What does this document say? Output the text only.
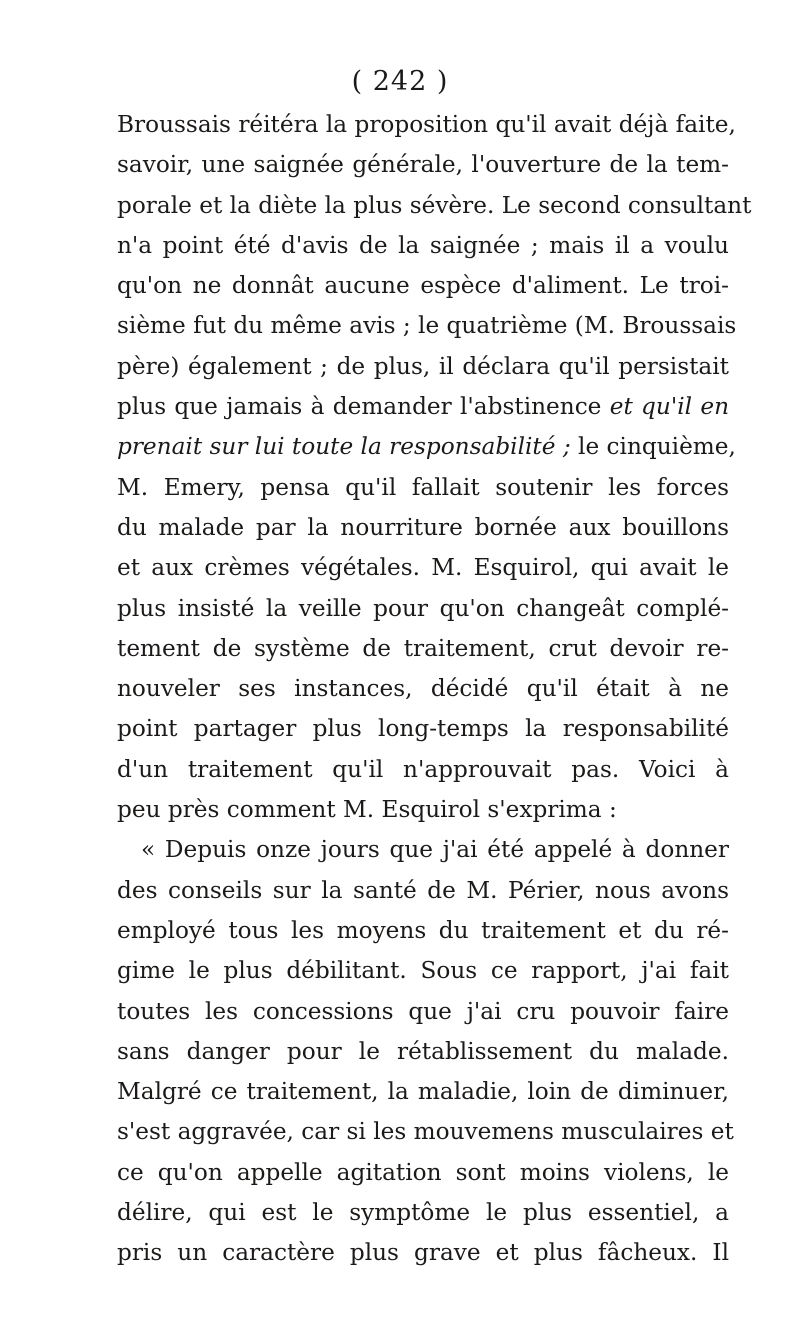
( 242 )
Broussais réitéra la proposition qu'il avait déjà faite,
savoir, une saignée générale, l'ouverture de la tem-
porale et la diète la plus sévère. Le second consultant
n'a point été d'avis de la saignée ; mais il a voulu
qu'on ne donnât aucune espèce d'aliment. Le troi-
sième fut du même avis ; le quatrième (M. Broussais
père) également ; de plus, il déclara qu'il persistait
plus que jamais à demander l'abstinence et qu'il en
prenait sur lui toute la responsabilité ; le cinquième,
M. Emery, pensa qu'il fallait soutenir les forces
du malade par la nourriture bornée aux bouillons
et aux crèmes végétales. M. Esquirol, qui avait le
plus insisté la veille pour qu'on changeât complé-
tement de système de traitement, crut devoir re-
nouveler ses instances, décidé qu'il était à ne
point partager plus long-temps la responsabilité
d'un traitement qu'il n'approuvait pas. Voici à
peu près comment M. Esquirol s'exprima :
« Depuis onze jours que j'ai été appelé à donner
des conseils sur la santé de M. Périer, nous avons
employé tous les moyens du traitement et du ré-
gime le plus débilitant. Sous ce rapport, j'ai fait
toutes les concessions que j'ai cru pouvoir faire
sans danger pour le rétablissement du malade.
Malgré ce traitement, la maladie, loin de diminuer,
s'est aggravée, car si les mouvemens musculaires et
ce qu'on appelle agitation sont moins violens, le
délire, qui est le symptôme le plus essentiel, a
pris un caractère plus grave et plus fâcheux. Il
